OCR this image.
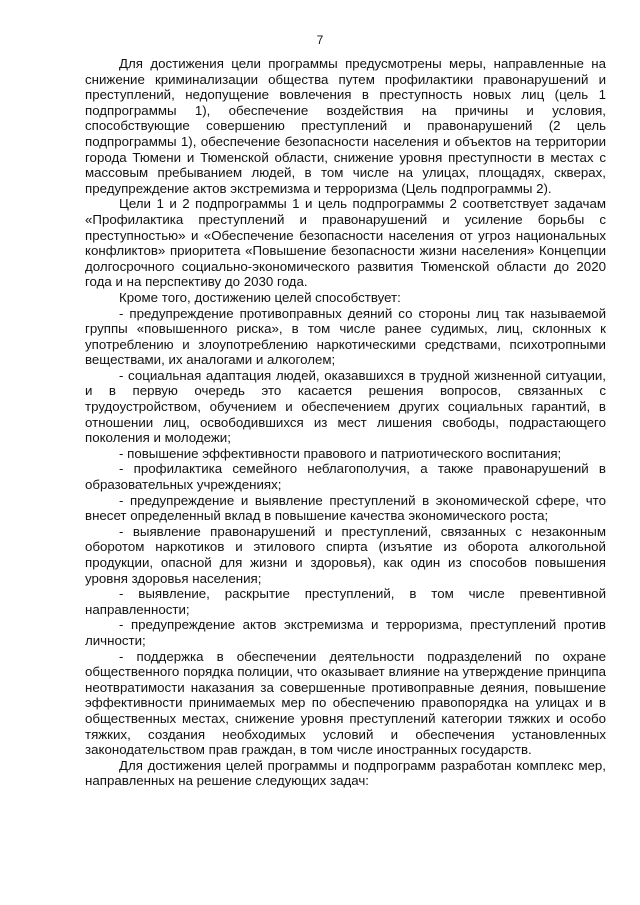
7

Для достижения цели программы предусмотрены меры, направленные на снижение криминализации общества путем профилактики правонарушений и преступлений, недопущение вовлечения в преступность новых лиц (цель 1 подпрограммы 1), обеспечение воздействия на причины и условия, способствующие совершению преступлений и правонарушений (2 цель подпрограммы 1), обеспечение безопасности населения и объектов на территории города Тюмени и Тюменской области, снижение уровня преступности в местах с массовым пребыванием людей, в том числе на улицах, площадях, скверах, предупреждение актов экстремизма и терроризма (Цель подпрограммы 2).

Цели 1 и 2 подпрограммы 1 и цель подпрограммы 2 соответствует задачам «Профилактика преступлений и правонарушений и усиление борьбы с преступностью» и «Обеспечение безопасности населения от угроз национальных конфликтов» приоритета «Повышение безопасности жизни населения» Концепции долгосрочного социально-экономического развития Тюменской области до 2020 года и на перспективу до 2030 года.

Кроме того, достижению целей способствует:

- предупреждение противоправных деяний со стороны лиц так называемой группы «повышенного риска», в том числе ранее судимых, лиц, склонных к употреблению и злоупотреблению наркотическими средствами, психотропными веществами, их аналогами и алкоголем;

- социальная адаптация людей, оказавшихся в трудной жизненной ситуации, и в первую очередь это касается решения вопросов, связанных с трудоустройством, обучением и обеспечением других социальных гарантий, в отношении лиц, освободившихся из мест лишения свободы, подрастающего поколения и молодежи;

- повышение эффективности правового и патриотического воспитания;

- профилактика семейного неблагополучия, а также правонарушений в образовательных учреждениях;

- предупреждение и выявление преступлений в экономической сфере, что внесет определенный вклад в повышение качества экономического роста;

- выявление правонарушений и преступлений, связанных с незаконным оборотом наркотиков и этилового спирта (изъятие из оборота алкогольной продукции, опасной для жизни и здоровья), как один из способов повышения уровня здоровья населения;

- выявление, раскрытие преступлений, в том числе превентивной направленности;

- предупреждение актов экстремизма и терроризма, преступлений против личности;

- поддержка в обеспечении деятельности подразделений по охране общественного порядка полиции, что оказывает влияние на утверждение принципа неотвратимости наказания за совершенные противоправные деяния, повышение эффективности принимаемых мер по обеспечению правопорядка на улицах и в общественных местах, снижение уровня преступлений категории тяжких и особо тяжких, создания необходимых условий и обеспечения установленных законодательством прав граждан, в том числе иностранных государств.

Для достижения целей программы и подпрограмм разработан комплекс мер, направленных на решение следующих задач:
